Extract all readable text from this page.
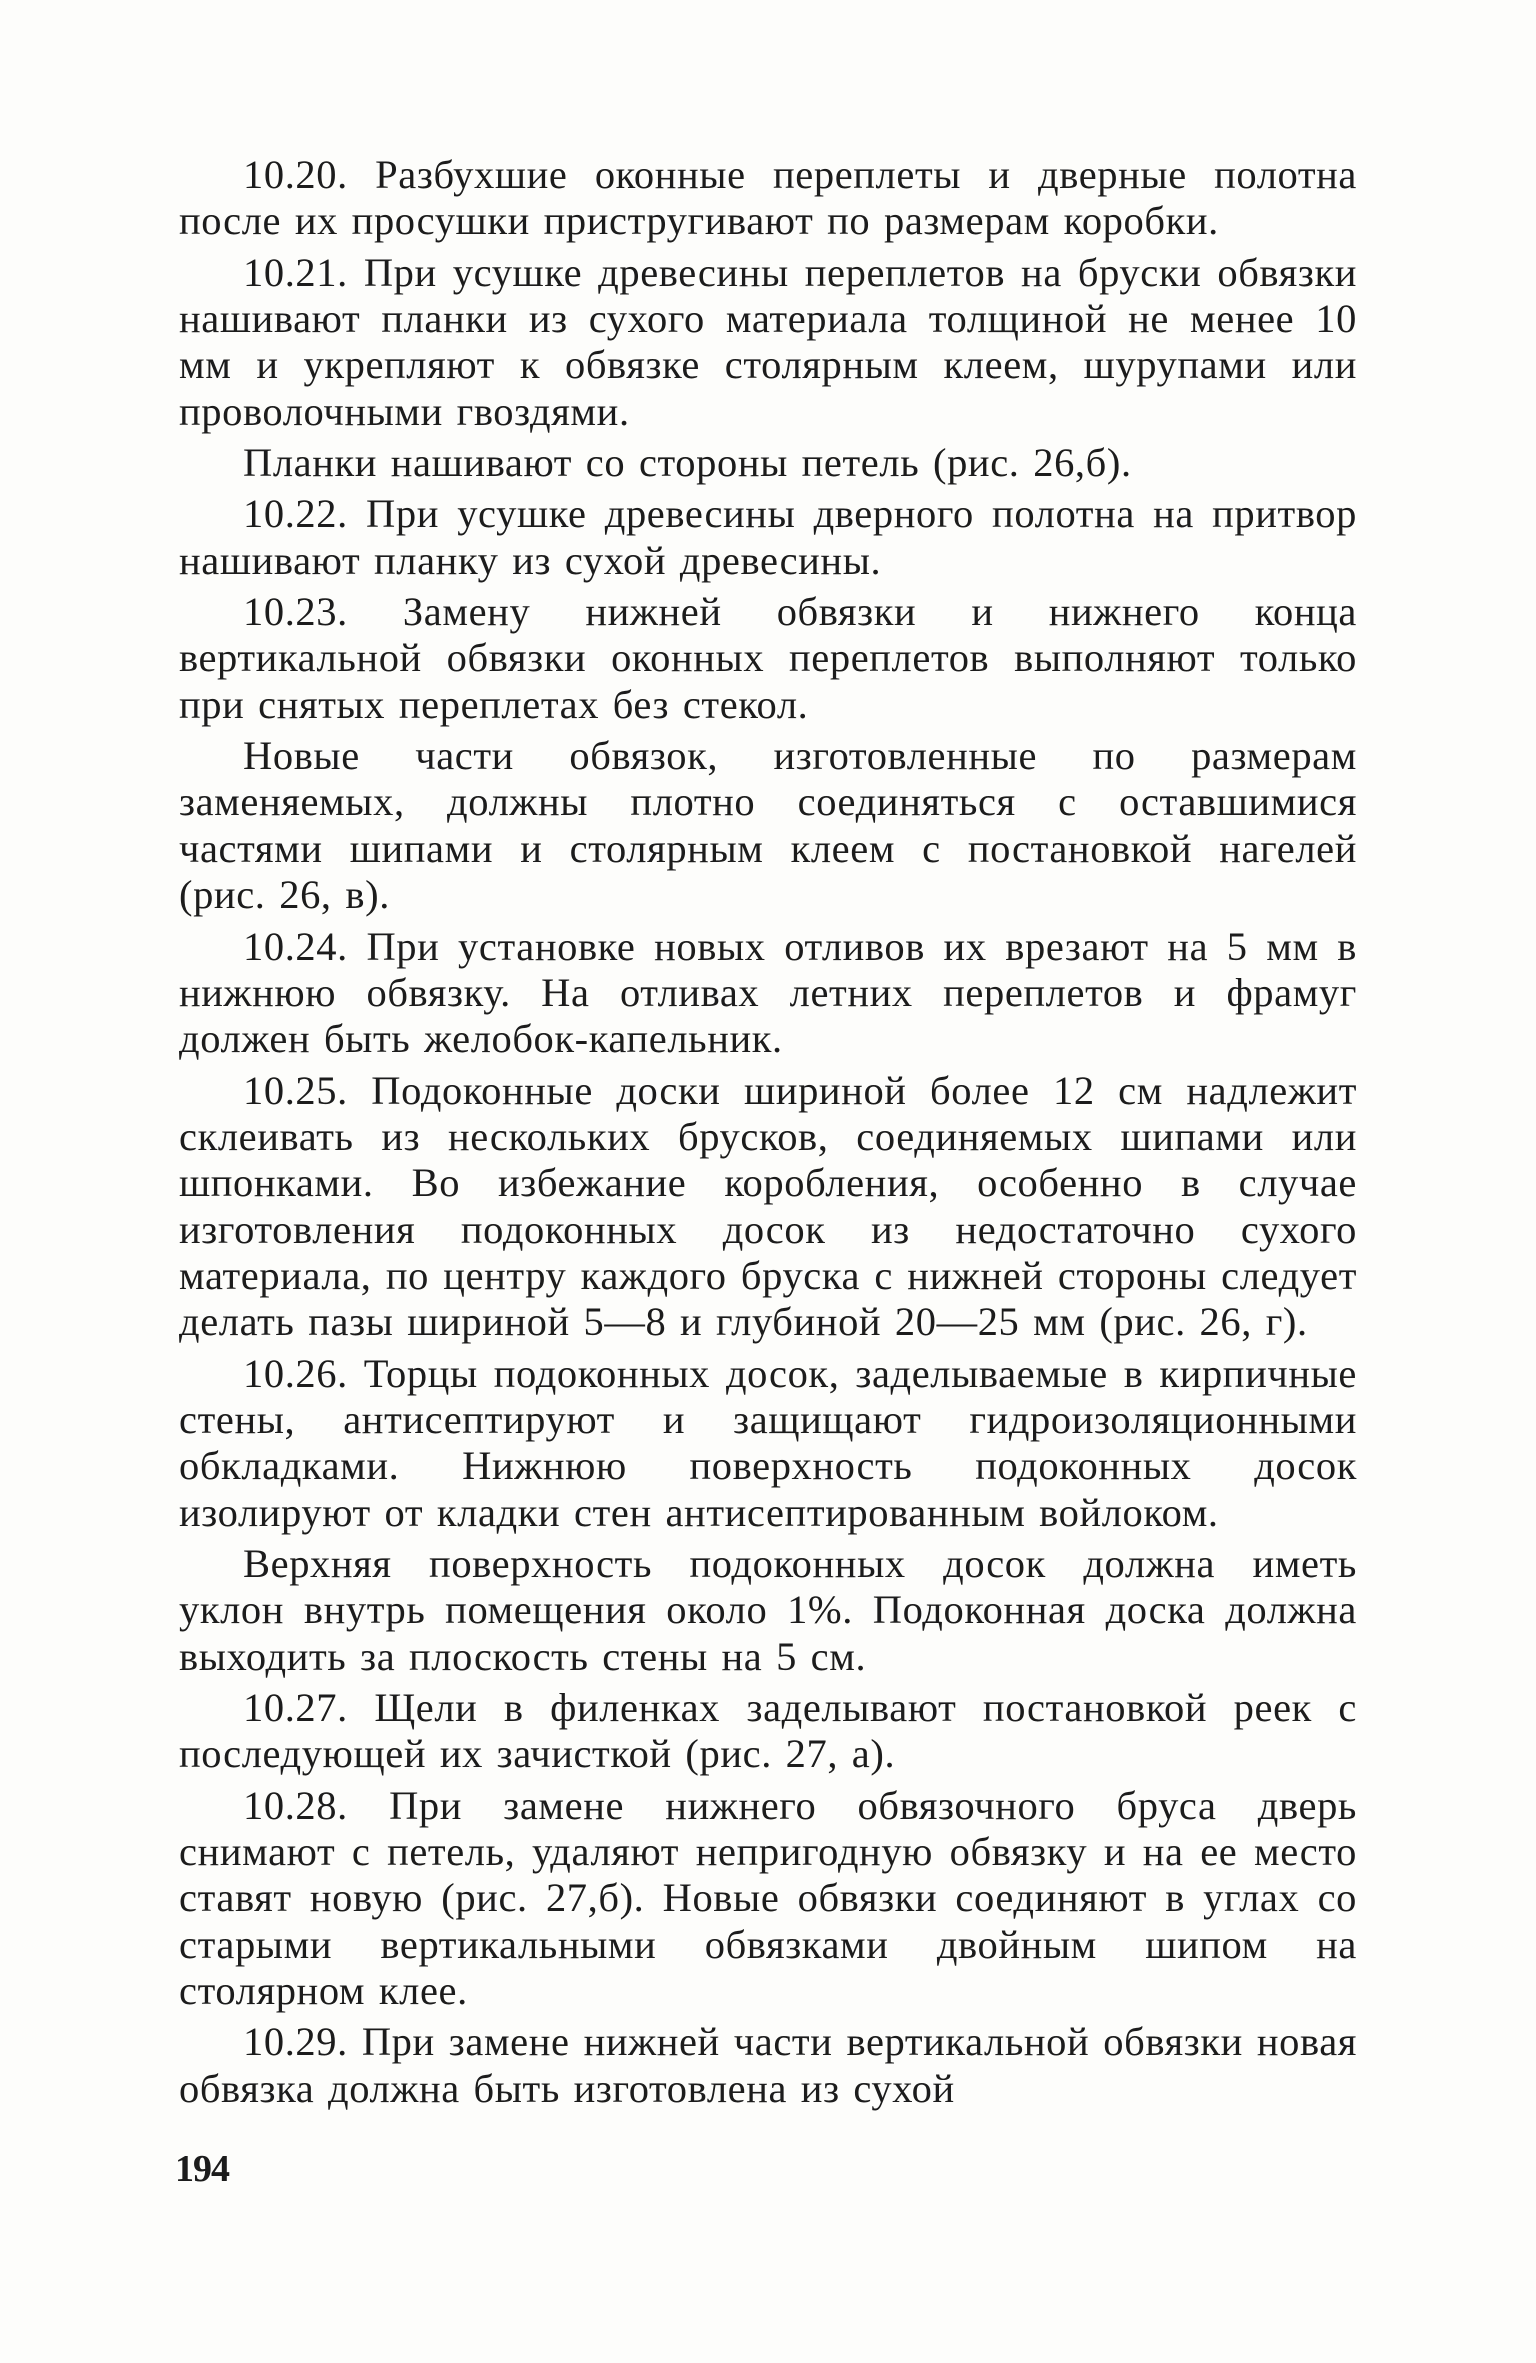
10.20. Разбухшие оконные переплеты и дверные полотна после их просушки пристругивают по размерам коробки.

10.21. При усушке древесины переплетов на бруски обвязки нашивают планки из сухого материала толщиной не менее 10 мм и укрепляют к обвязке столярным клеем, шурупами или проволочными гвоздями.

Планки нашивают со стороны петель (рис. 26,б).

10.22. При усушке древесины дверного полотна на притвор нашивают планку из сухой древесины.

10.23. Замену нижней обвязки и нижнего конца вертикальной обвязки оконных переплетов выполняют только при снятых переплетах без стекол.

Новые части обвязок, изготовленные по размерам заменяемых, должны плотно соединяться с оставшимися частями шипами и столярным клеем с постановкой нагелей (рис. 26, в).

10.24. При установке новых отливов их врезают на 5 мм в нижнюю обвязку. На отливах летних переплетов и фрамуг должен быть желобок-капельник.

10.25. Подоконные доски шириной более 12 см надлежит склеивать из нескольких брусков, соединяемых шипами или шпонками. Во избежание коробления, особенно в случае изготовления подоконных досок из недостаточно сухого материала, по центру каждого бруска с нижней стороны следует делать пазы шириной 5—8 и глубиной 20—25 мм (рис. 26, г).

10.26. Торцы подоконных досок, заделываемые в кирпичные стены, антисептируют и защищают гидроизоляционными обкладками. Нижнюю поверхность подоконных досок изолируют от кладки стен антисептированным войлоком.

Верхняя поверхность подоконных досок должна иметь уклон внутрь помещения около 1%. Подоконная доска должна выходить за плоскость стены на 5 см.

10.27. Щели в филенках заделывают постановкой реек с последующей их зачисткой (рис. 27, а).

10.28. При замене нижнего обвязочного бруса дверь снимают с петель, удаляют непригодную обвязку и на ее место ставят новую (рис. 27,б). Новые обвязки соединяют в углах со старыми вертикальными обвязками двойным шипом на столярном клее.

10.29. При замене нижней части вертикальной обвязки новая обвязка должна быть изготовлена из сухой

194
